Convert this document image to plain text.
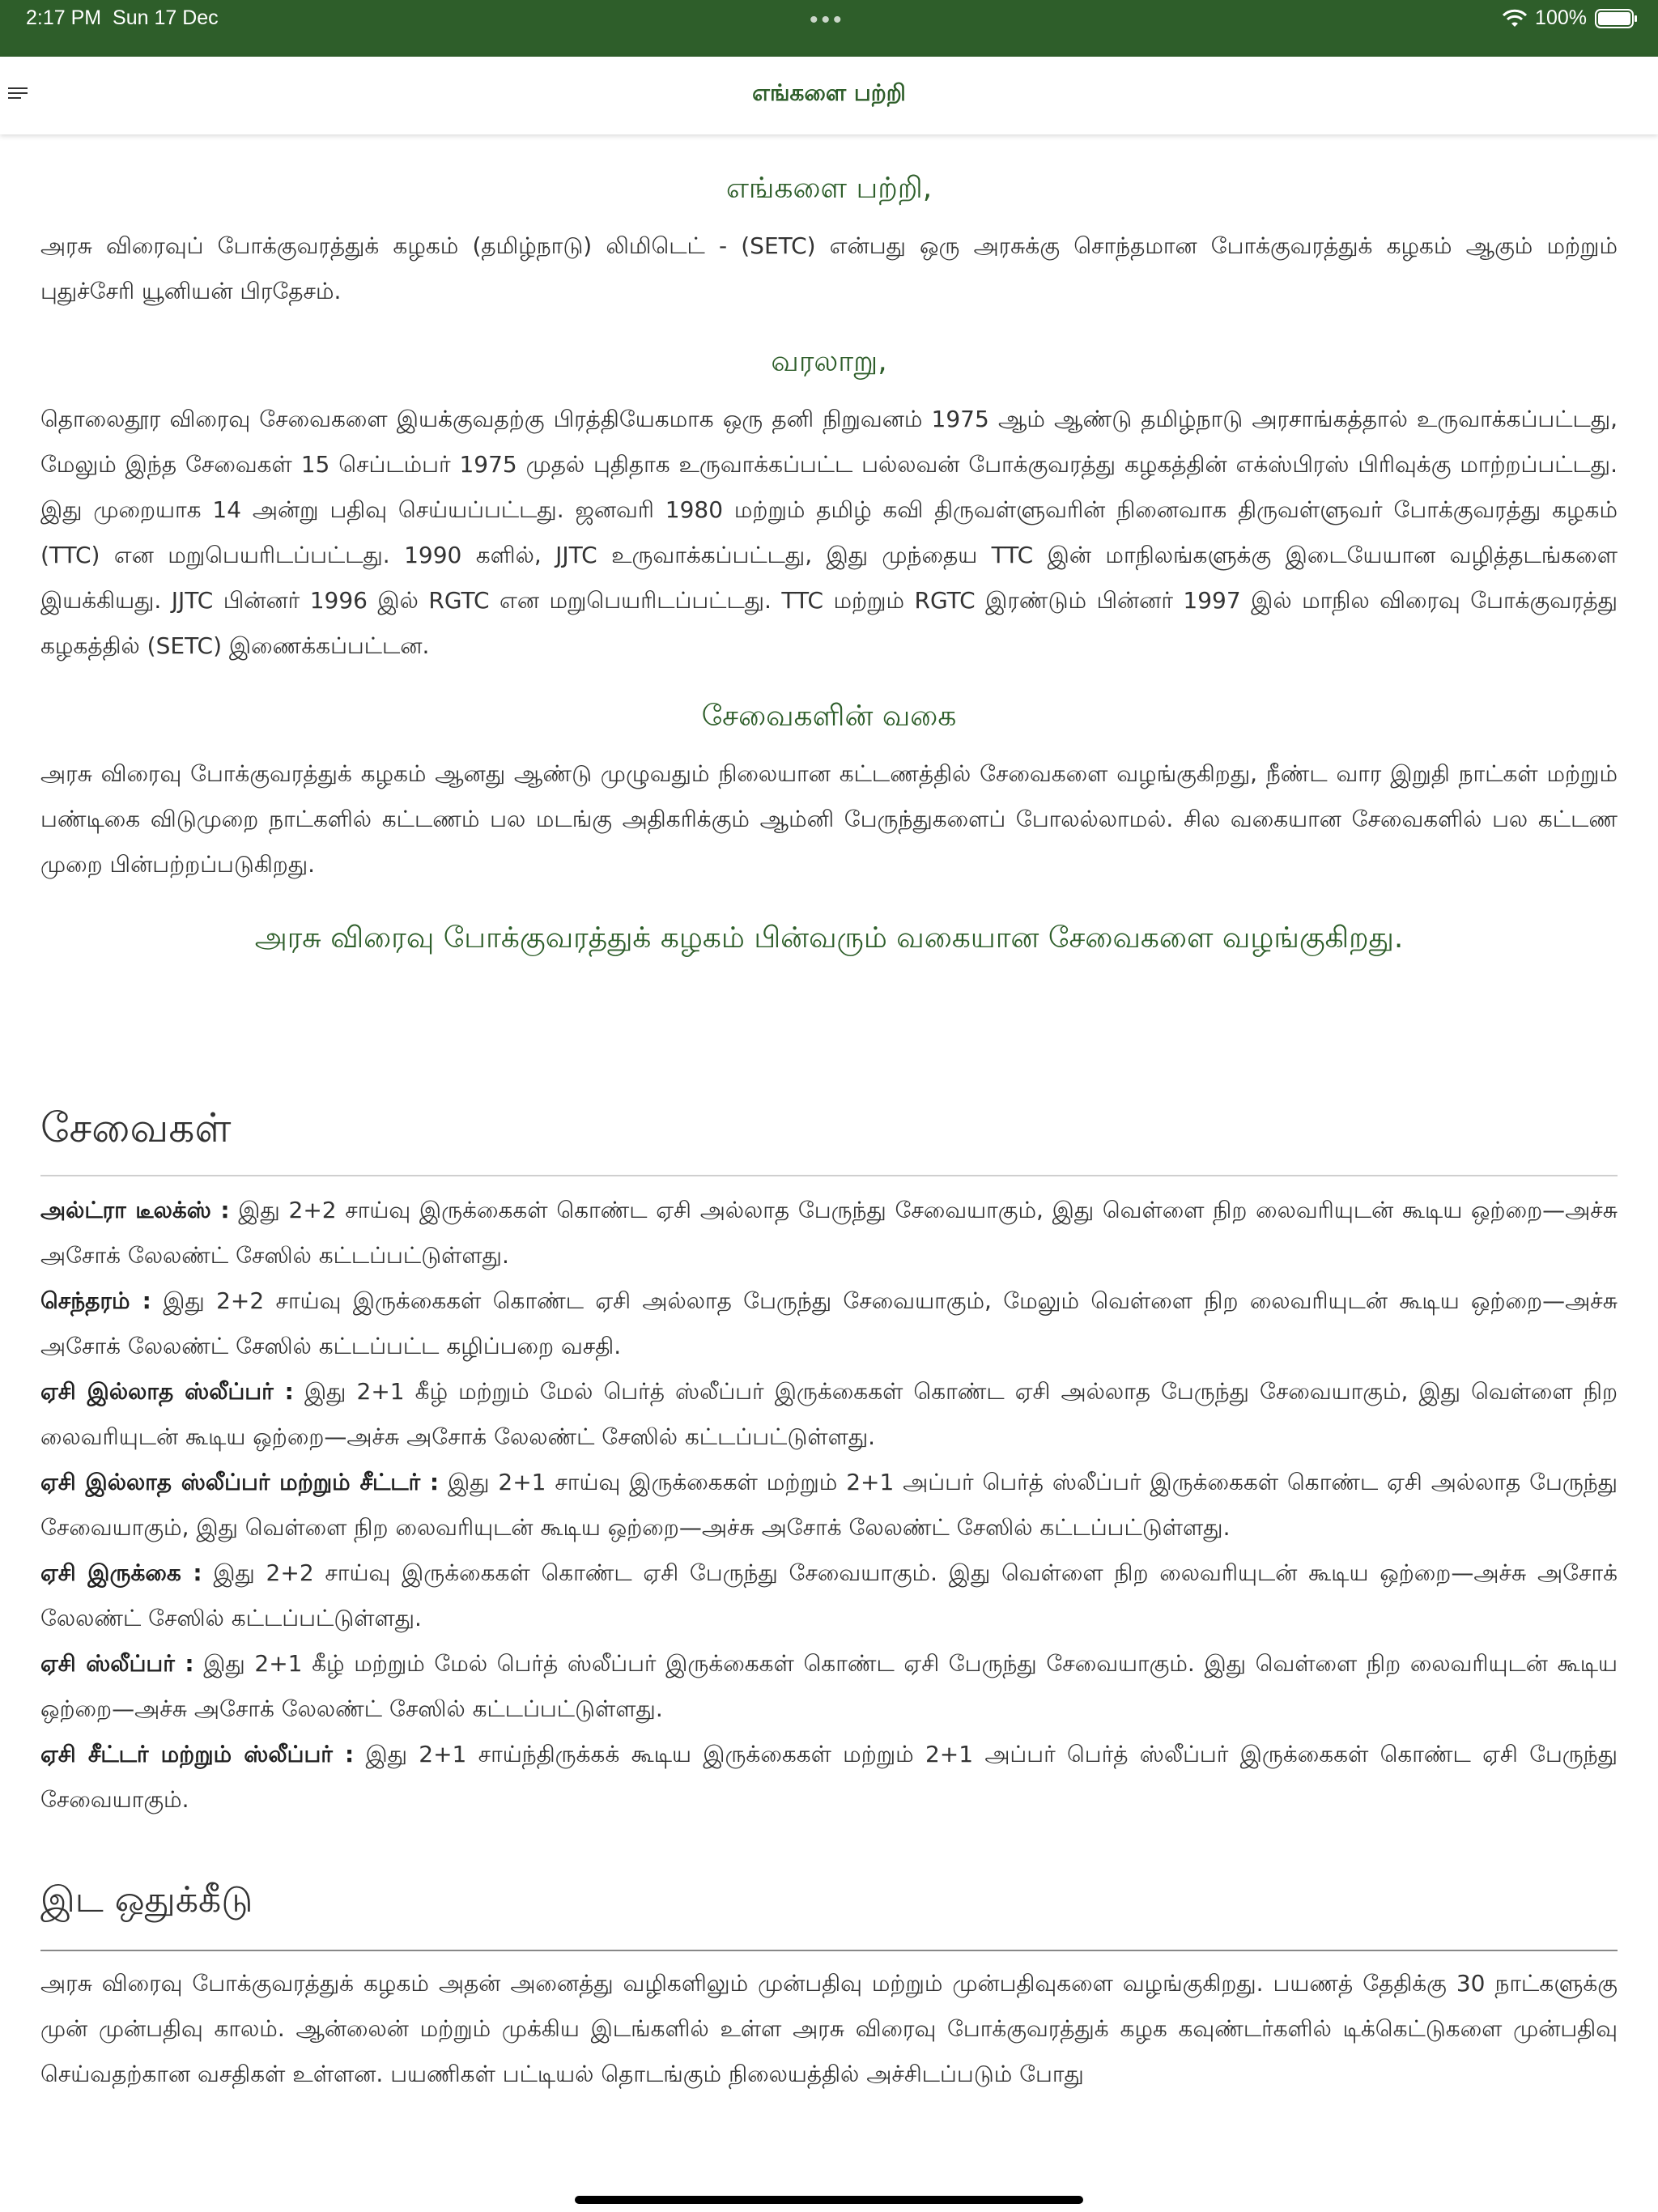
2:17 PM Sun 17 Dec	•••	100%
எங்களை பற்றி
எங்களை பற்றி,

அரசு விரைவுப் போக்குவரத்துக் கழகம் (தமிழ்நாடு) லிமிடெட் - (SETC) என்பது ஒரு அரசுக்கு சொந்தமான போக்குவரத்துக் கழகம் ஆகும் மற்றும் புதுச்சேரி யூனியன் பிரதேசம்.

வரலாறு,

தொலைதூர விரைவு சேவைகளை இயக்குவதற்கு பிரத்தியேகமாக ஒரு தனி நிறுவனம் 1975 ஆம் ஆண்டு தமிழ்நாடு அரசாங்கத்தால் உருவாக்கப்பட்டது, மேலும் இந்த சேவைகள் 15 செப்டம்பர் 1975 முதல் புதிதாக உருவாக்கப்பட்ட பல்லவன் போக்குவரத்து கழகத்தின் எக்ஸ்பிரஸ் பிரிவுக்கு மாற்றப்பட்டது. இது முறையாக 14 அன்று பதிவு செய்யப்பட்டது. ஜனவரி 1980 மற்றும் தமிழ் கவி திருவள்ளுவரின் நினைவாக திருவள்ளுவர் போக்குவரத்து கழகம் (TTC) என மறுபெயரிடப்பட்டது. 1990 களில், JJTC உருவாக்கப்பட்டது, இது முந்தைய TTC இன் மாநிலங்களுக்கு இடையேயான வழித்தடங்களை இயக்கியது. JJTC பின்னர் 1996 இல் RGTC என மறுபெயரிடப்பட்டது. TTC மற்றும் RGTC இரண்டும் பின்னர் 1997 இல் மாநில விரைவு போக்குவரத்து கழகத்தில் (SETC) இணைக்கப்பட்டன.

சேவைகளின் வகை

அரசு விரைவு போக்குவரத்துக் கழகம் ஆனது ஆண்டு முழுவதும் நிலையான கட்டணத்தில் சேவைகளை வழங்குகிறது, நீண்ட வார இறுதி நாட்கள் மற்றும் பண்டிகை விடுமுறை நாட்களில் கட்டணம் பல மடங்கு அதிகரிக்கும் ஆம்னி பேருந்துகளைப் போலல்லாமல். சில வகையான சேவைகளில் பல கட்டண முறை பின்பற்றப்படுகிறது.

அரசு விரைவு போக்குவரத்துக் கழகம் பின்வரும் வகையான சேவைகளை வழங்குகிறது.
சேவைகள்

அல்ட்ரா டீலக்ஸ் : இது 2+2 சாய்வு இருக்கைகள் கொண்ட ஏசி அல்லாத பேருந்து சேவையாகும், இது வெள்ளை நிற லைவரியுடன் கூடிய ஒற்றை—அச்சு அசோக் லேலண்ட் சேஸில் கட்டப்பட்டுள்ளது.

செந்தரம் : இது 2+2 சாய்வு இருக்கைகள் கொண்ட ஏசி அல்லாத பேருந்து சேவையாகும், மேலும் வெள்ளை நிற லைவரியுடன் கூடிய ஒற்றை—அச்சு அசோக் லேலண்ட் சேஸில் கட்டப்பட்ட கழிப்பறை வசதி.

ஏசி இல்லாத ஸ்லீப்பர் : இது 2+1 கீழ் மற்றும் மேல் பெர்த் ஸ்லீப்பர் இருக்கைகள் கொண்ட ஏசி அல்லாத பேருந்து சேவையாகும், இது வெள்ளை நிற லைவரியுடன் கூடிய ஒற்றை—அச்சு அசோக் லேலண்ட் சேஸில் கட்டப்பட்டுள்ளது.

ஏசி இல்லாத ஸ்லீப்பர் மற்றும் சீட்டர் : இது 2+1 சாய்வு இருக்கைகள் மற்றும் 2+1 அப்பர் பெர்த் ஸ்லீப்பர் இருக்கைகள் கொண்ட ஏசி அல்லாத பேருந்து சேவையாகும், இது வெள்ளை நிற லைவரியுடன் கூடிய ஒற்றை—அச்சு அசோக் லேலண்ட் சேஸில் கட்டப்பட்டுள்ளது.

ஏசி இருக்கை : இது 2+2 சாய்வு இருக்கைகள் கொண்ட ஏசி பேருந்து சேவையாகும். இது வெள்ளை நிற லைவரியுடன் கூடிய ஒற்றை—அச்சு அசோக் லேலண்ட் சேஸில் கட்டப்பட்டுள்ளது.

ஏசி ஸ்லீப்பர் : இது 2+1 கீழ் மற்றும் மேல் பெர்த் ஸ்லீப்பர் இருக்கைகள் கொண்ட ஏசி பேருந்து சேவையாகும். இது வெள்ளை நிற லைவரியுடன் கூடிய ஒற்றை—அச்சு அசோக் லேலண்ட் சேஸில் கட்டப்பட்டுள்ளது.

ஏசி சீட்டர் மற்றும் ஸ்லீப்பர் : இது 2+1 சாய்ந்திருக்கக் கூடிய இருக்கைகள் மற்றும் 2+1 அப்பர் பெர்த் ஸ்லீப்பர் இருக்கைகள் கொண்ட ஏசி பேருந்து சேவையாகும்.

இட ஒதுக்கீடு

அரசு விரைவு போக்குவரத்துக் கழகம் அதன் அனைத்து வழிகளிலும் முன்பதிவு மற்றும் முன்பதிவுகளை வழங்குகிறது. பயணத் தேதிக்கு 30 நாட்களுக்கு முன் முன்பதிவு காலம். ஆன்லைன் மற்றும் முக்கிய இடங்களில் உள்ள அரசு விரைவு போக்குவரத்துக் கழக கவுண்டர்களில் டிக்கெட்டுகளை முன்பதிவு செய்வதற்கான வசதிகள் உள்ளன. பயணிகள் பட்டியல் தொடங்கும் நிலையத்தில் அச்சிடப்படும் போது
